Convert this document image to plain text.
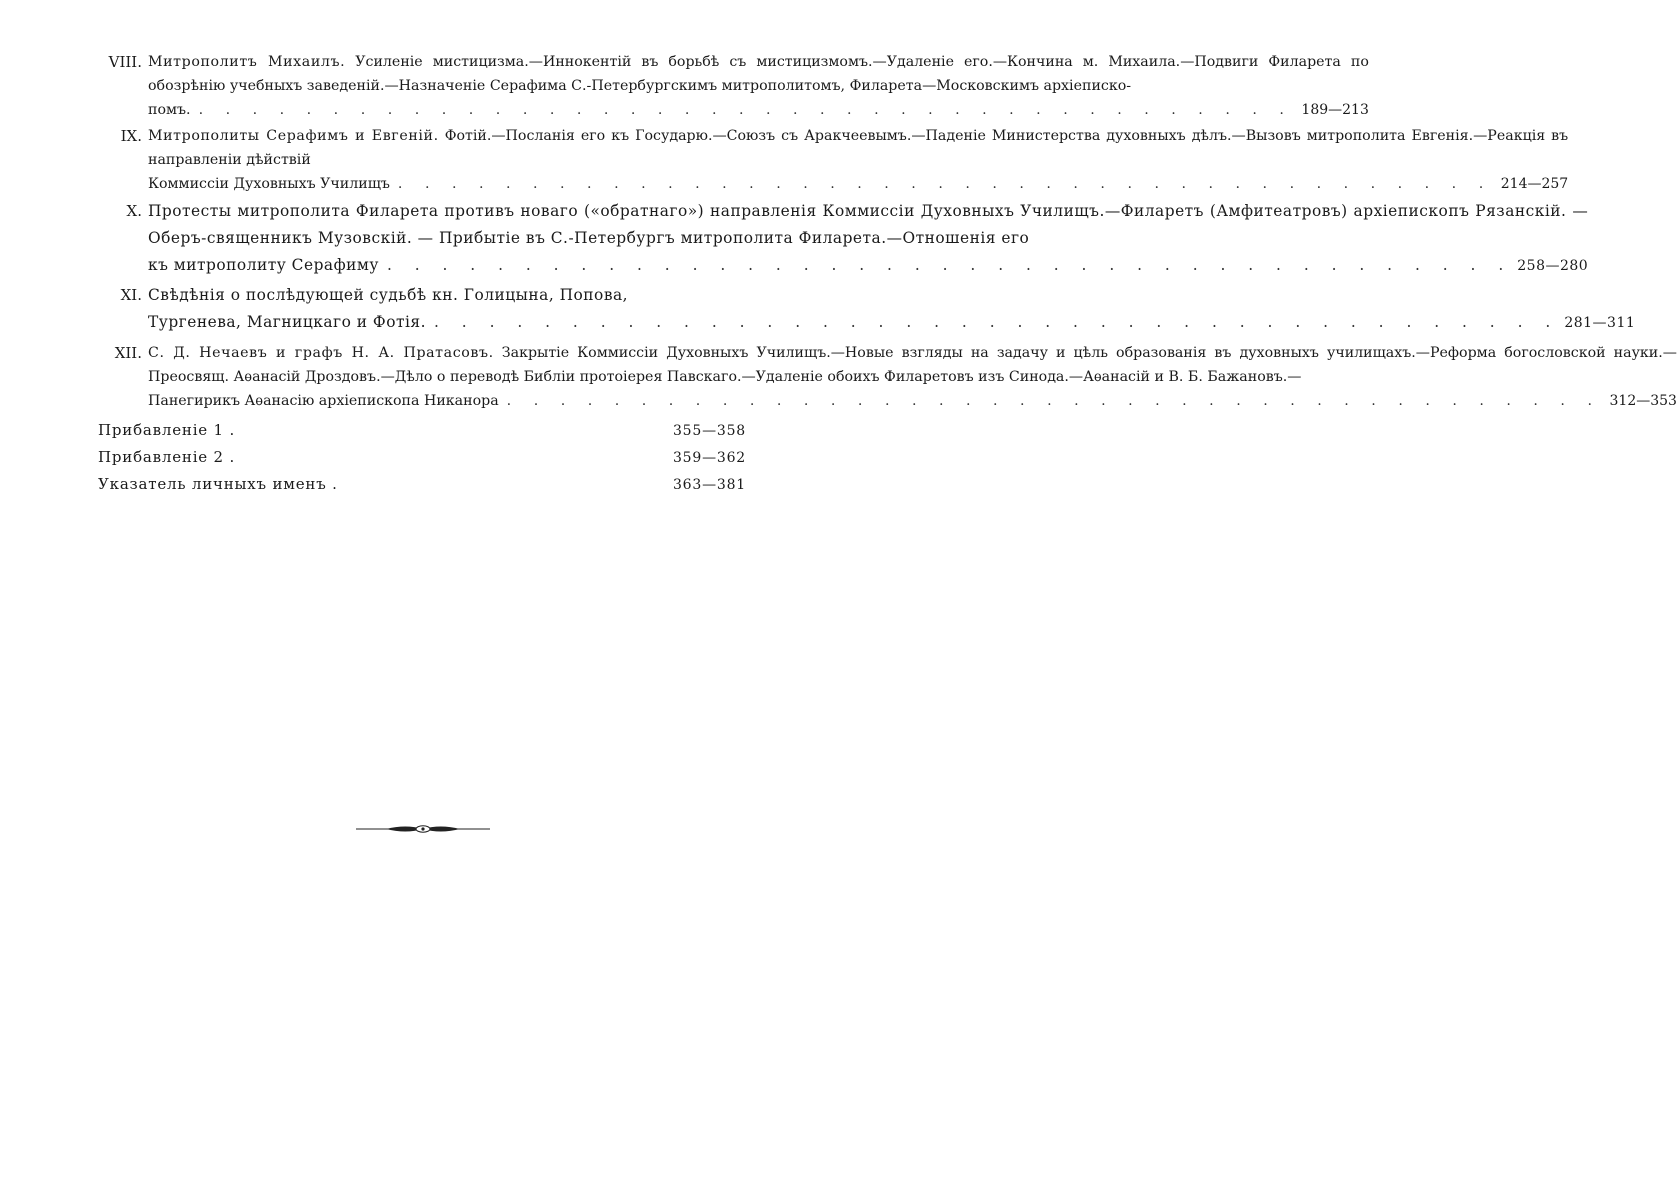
VIII. Митрополитъ Михаилъ. Усиленіе мистицизма.—Иннокентій въ борьбѣ съ мистицизмомъ.—Удаленіе его.—Кончина м. Михаила.—Подвиги Филарета по обозрѣнію учебныхъ заведеній.—Назначеніе Серафима С.-Петербургскимъ митрополитомъ, Филарета—Московскимъ архіеписко-
помъ. . . .	189—213
IX. Митрополиты Серафимъ и Евгеній. Фотій.—Посланія его къ Государю.—Союзъ съ Аракчеевымъ.—Паденіе Министерства духовныхъ дѣлъ.—Вызовъ митрополита Евгенія.—Реакція въ направленіи дѣйствій
Коммиссіи Духовныхъ Училищъ . . .	214—257
X. Протесты митрополита Филарета противъ новаго («обратнаго») направленія Коммиссіи Духовныхъ Училищъ.—Филаретъ (Амфитеатровъ) архіепископъ Рязанскій. — Оберъ-священникъ Музовскій. — Прибытіе въ С.-Петербургъ митрополита Филарета.—Отношенія его
къ митрополиту Серафиму . . .	258—280
XI. Свѣдѣнія о послѣдующей судьбѣ кн. Голицына, Попова,
Тургенева, Магницкаго и Фотія. . . .	281—311
XII. С. Д. Нечаевъ и графъ Н. А. Пратасовъ. Закрытіе Коммиссіи Духовныхъ Училищъ.—Новые взгляды на задачу и цѣль образованія въ духовныхъ училищахъ.—Реформа богословской науки.—Преосвящ. Аѳанасій Дроздовъ.—Дѣло о переводѣ Библіи протоіерея Павскаго.—Удаленіе обоихъ Филаретовъ изъ Синода.—Аѳанасій и В. Б. Бажановъ.—
Панегирикъ Аѳанасію архіепископа Никанора . . .	312—353
Прибавленіе 1 .	355—358
Прибавленіе 2 .	359—362
Указатель личныхъ именъ .	363—381
